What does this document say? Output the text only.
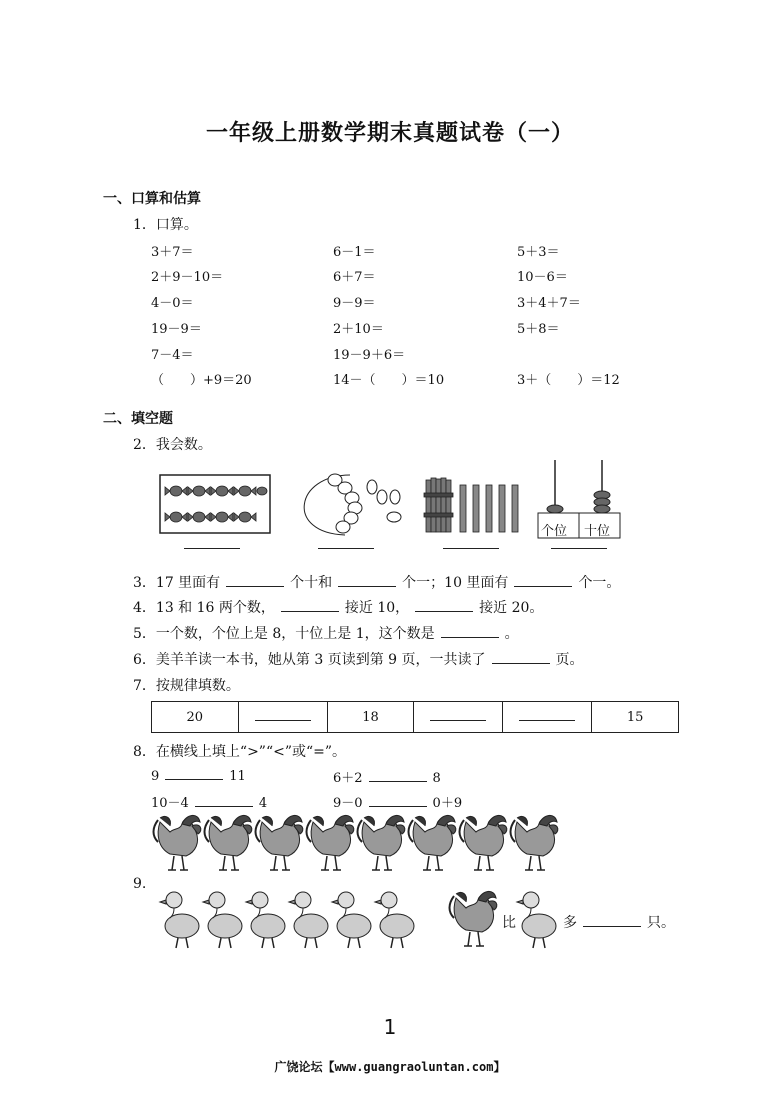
一年级上册数学期末真题试卷（一）
一、口算和估算
1．口算。
3＋7＝	6－1＝	5＋3＝
2＋9－10＝	6＋7＝	10－6＝
4－0＝	9－9＝	3＋4＋7＝
19－9＝	2＋10＝	5＋8＝
7－4＝	19－9＋6＝
（　　）+9＝20	14－（　　）＝10	3＋（　　）＝12
二、填空题
2．我会数。
个位 十位
3．17 里面有	个十和	个一；10 里面有	个一。
4．13 和 16 两个数，	接近 10，	接近 20。
5．一个数，个位上是 8，十位上是 1，这个数是	。
6．美羊羊读一本书，她从第 3 页读到第 9 页，一共读了	页。
7．按规律填数。
20		18			15
8．在横线上填上“>”“<”或“=”。
9	11	6＋2	8
10－4	4	9－0	0＋9
9.
比	多	只。
1
广饶论坛【www.guangraoluntan.com】
